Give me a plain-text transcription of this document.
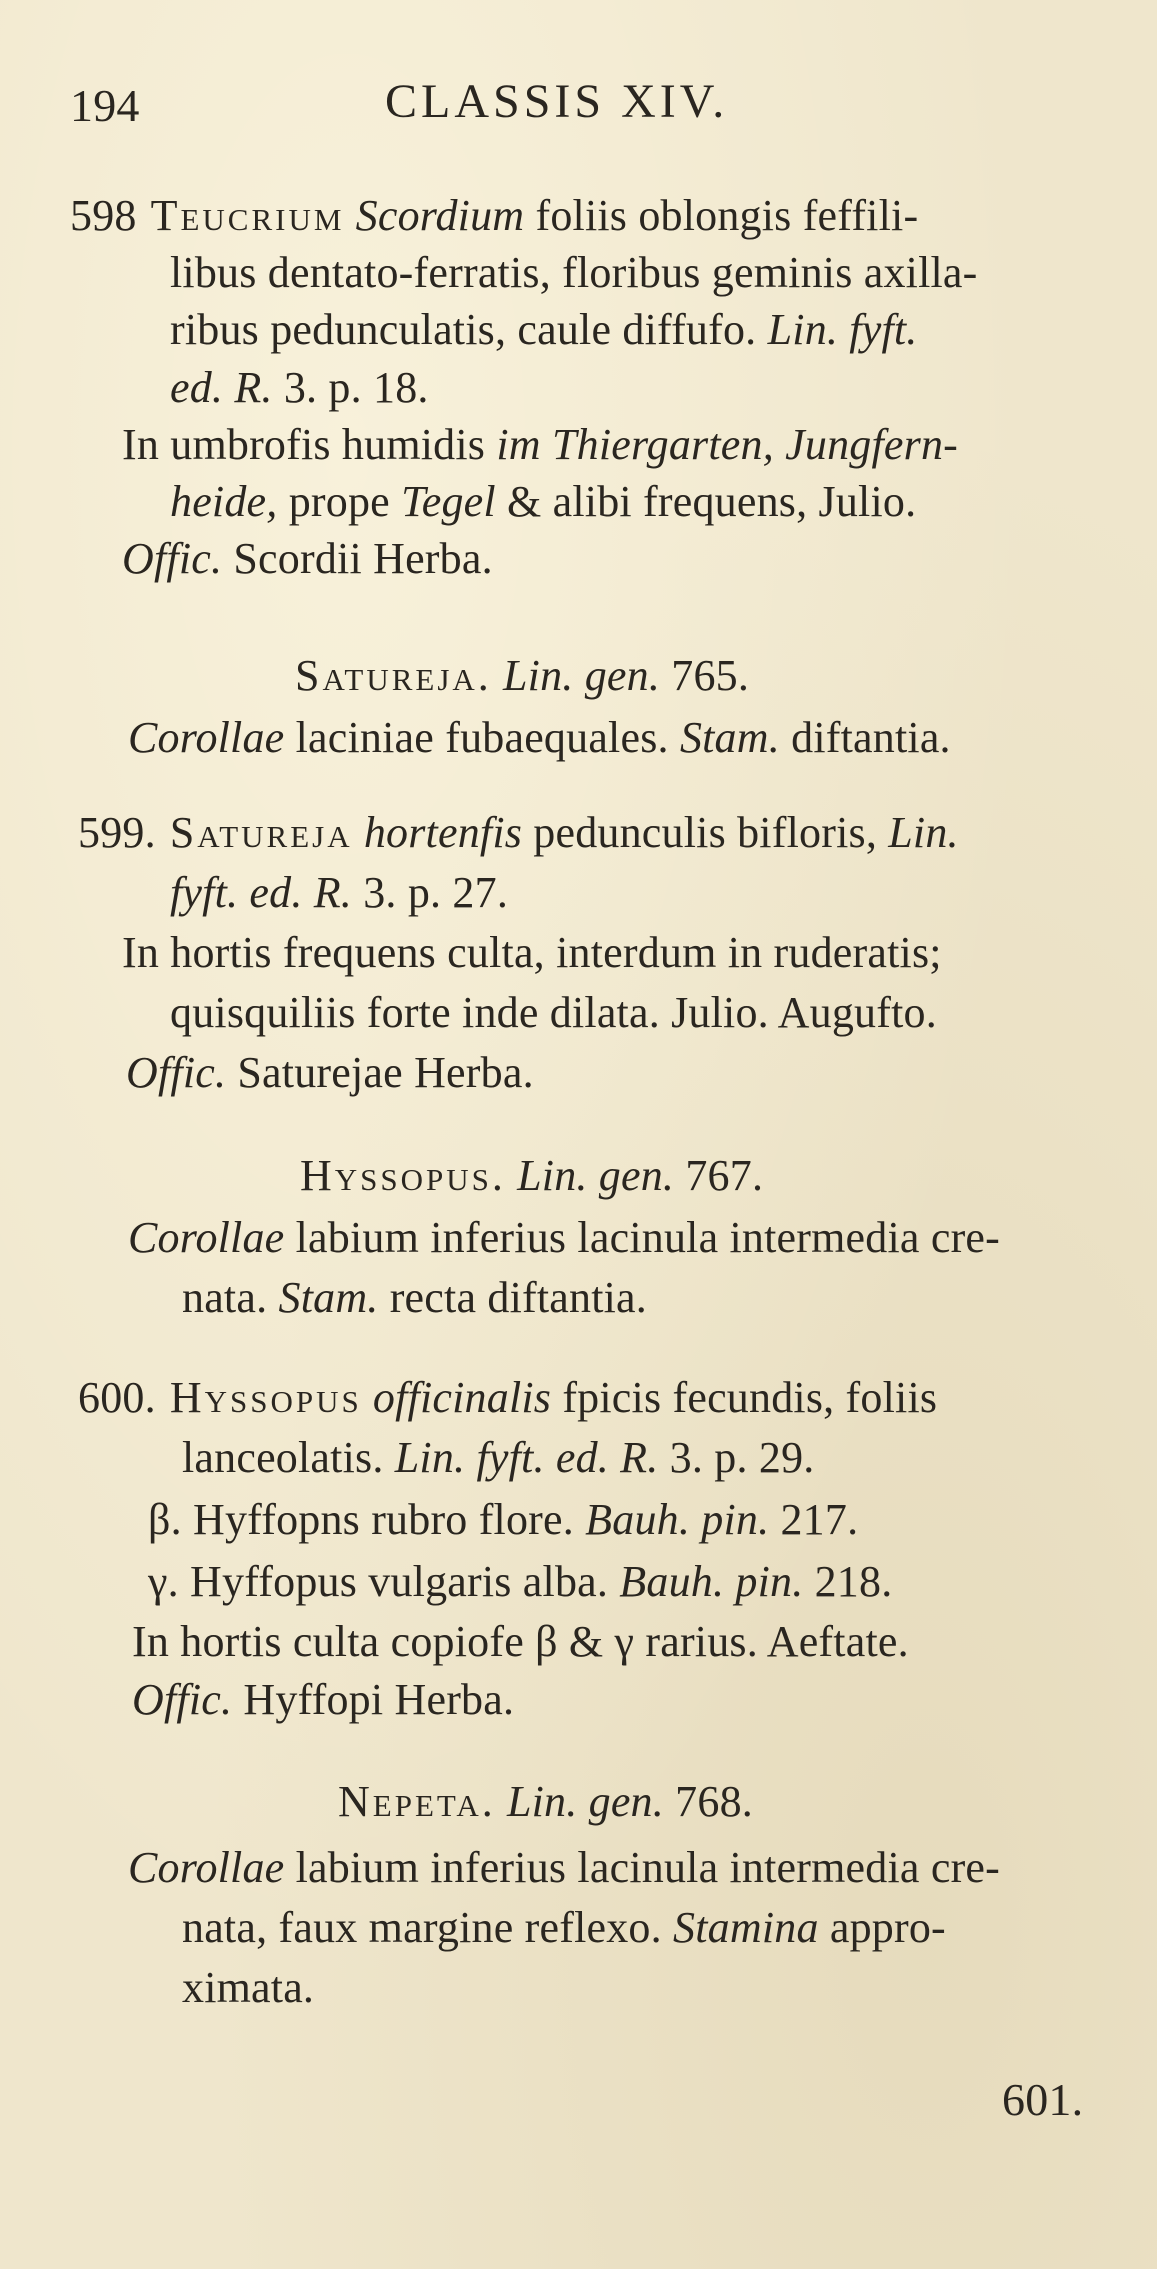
194	CLASSIS XIV.
598 Teucrium Scordium foliis oblongis feffili-
libus dentato-ferratis, floribus geminis axilla-
ribus pedunculatis, caule diffufo. Lin. fyft.
ed. R. 3. p. 18.
In umbrofis humidis im Thiergarten, Jungfern-
heide, prope Tegel & alibi frequens, Julio.
Offic. Scordii Herba.
Satureja. Lin. gen. 765.
Corollae laciniae fubaequales. Stam. diftantia.
599. Satureja hortenfis pedunculis bifloris, Lin.
fyft. ed. R. 3. p. 27.
In hortis frequens culta, interdum in ruderatis;
quisquiliis forte inde dilata. Julio. Augufto.
Offic. Saturejae Herba.
Hyssopus. Lin. gen. 767.
Corollae labium inferius lacinula intermedia cre-
nata. Stam. recta diftantia.
600. Hyssopus officinalis fpicis fecundis, foliis
lanceolatis. Lin. fyft. ed. R. 3. p. 29.
β. Hyffopns rubro flore. Bauh. pin. 217.
γ. Hyffopus vulgaris alba. Bauh. pin. 218.
In hortis culta copiofe β & γ rarius. Aeftate.
Offic. Hyffopi Herba.
Nepeta. Lin. gen. 768.
Corollae labium inferius lacinula intermedia cre-
nata, faux margine reflexo. Stamina appro-
ximata.
601.
